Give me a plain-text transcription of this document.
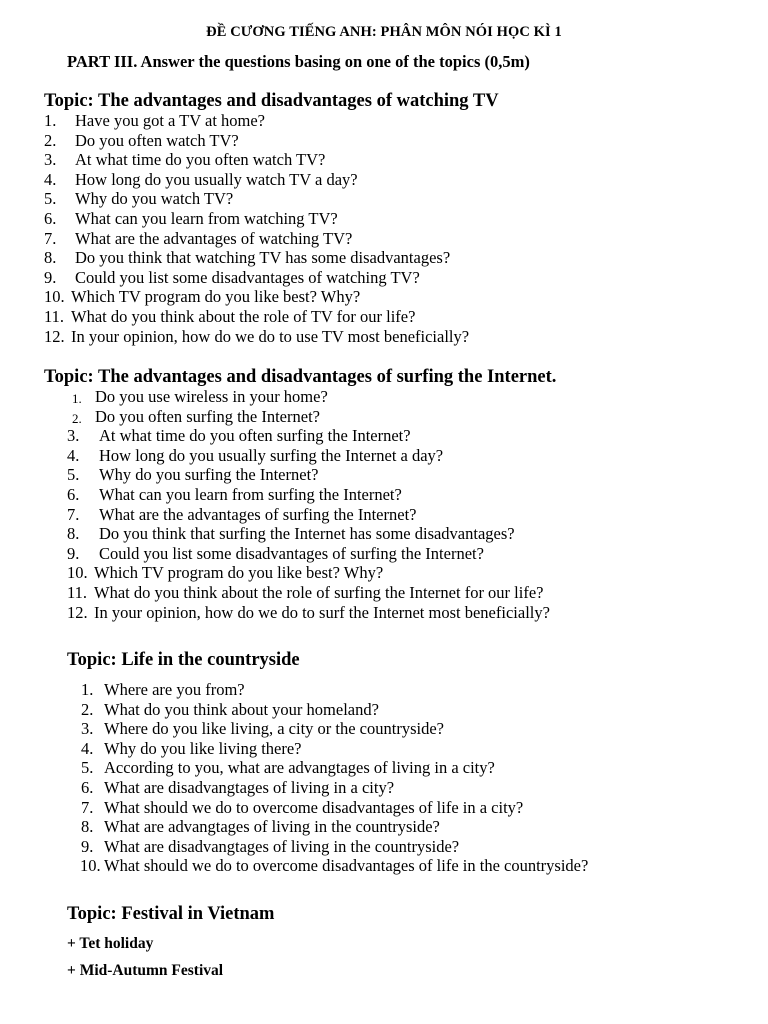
ĐỀ CƯƠNG TIẾNG ANH: PHÂN MÔN NÓI HỌC KÌ 1
PART III. Answer the questions basing on one of the topics (0,5m)
Topic: The advantages and disadvantages of watching TV
1. Have you got a TV at home?
2. Do you often watch TV?
3. At what time do you often watch TV?
4. How long do you usually watch TV a day?
5. Why do you watch TV?
6. What can you learn from watching TV?
7. What are the advantages of watching TV?
8. Do you think that watching TV has some disadvantages?
9. Could you list some disadvantages of watching TV?
10. Which TV program do you like best? Why?
11. What do you think about the role of TV for our life?
12. In your opinion, how do we do to use TV most beneficially?
Topic: The advantages and disadvantages of surfing the Internet.
1. Do you use wireless in your home?
2. Do you often surfing the Internet?
3. At what time do you often surfing the Internet?
4. How long do you usually surfing the Internet a day?
5. Why do you surfing the Internet?
6. What can you learn from surfing the Internet?
7. What are the advantages of surfing the Internet?
8. Do you think that surfing the Internet has some disadvantages?
9. Could you list some disadvantages of surfing the Internet?
10. Which TV program do you like best? Why?
11. What do you think about the role of surfing the Internet for our life?
12. In your opinion, how do we do to surf the Internet most beneficially?
Topic: Life in the countryside
1. Where are you from?
2. What do you think about your homeland?
3. Where do you like living, a city or the countryside?
4. Why do you like living there?
5. According to you, what are advangtages of living in a city?
6. What are disadvangtages of living in a city?
7. What should we do to overcome disadvantages of life in a city?
8. What are advangtages of living in the countryside?
9. What are disadvangtages of living in the countryside?
10. What should we do to overcome disadvantages of life in the countryside?
Topic: Festival in Vietnam
+ Tet holiday
+ Mid-Autumn Festival
